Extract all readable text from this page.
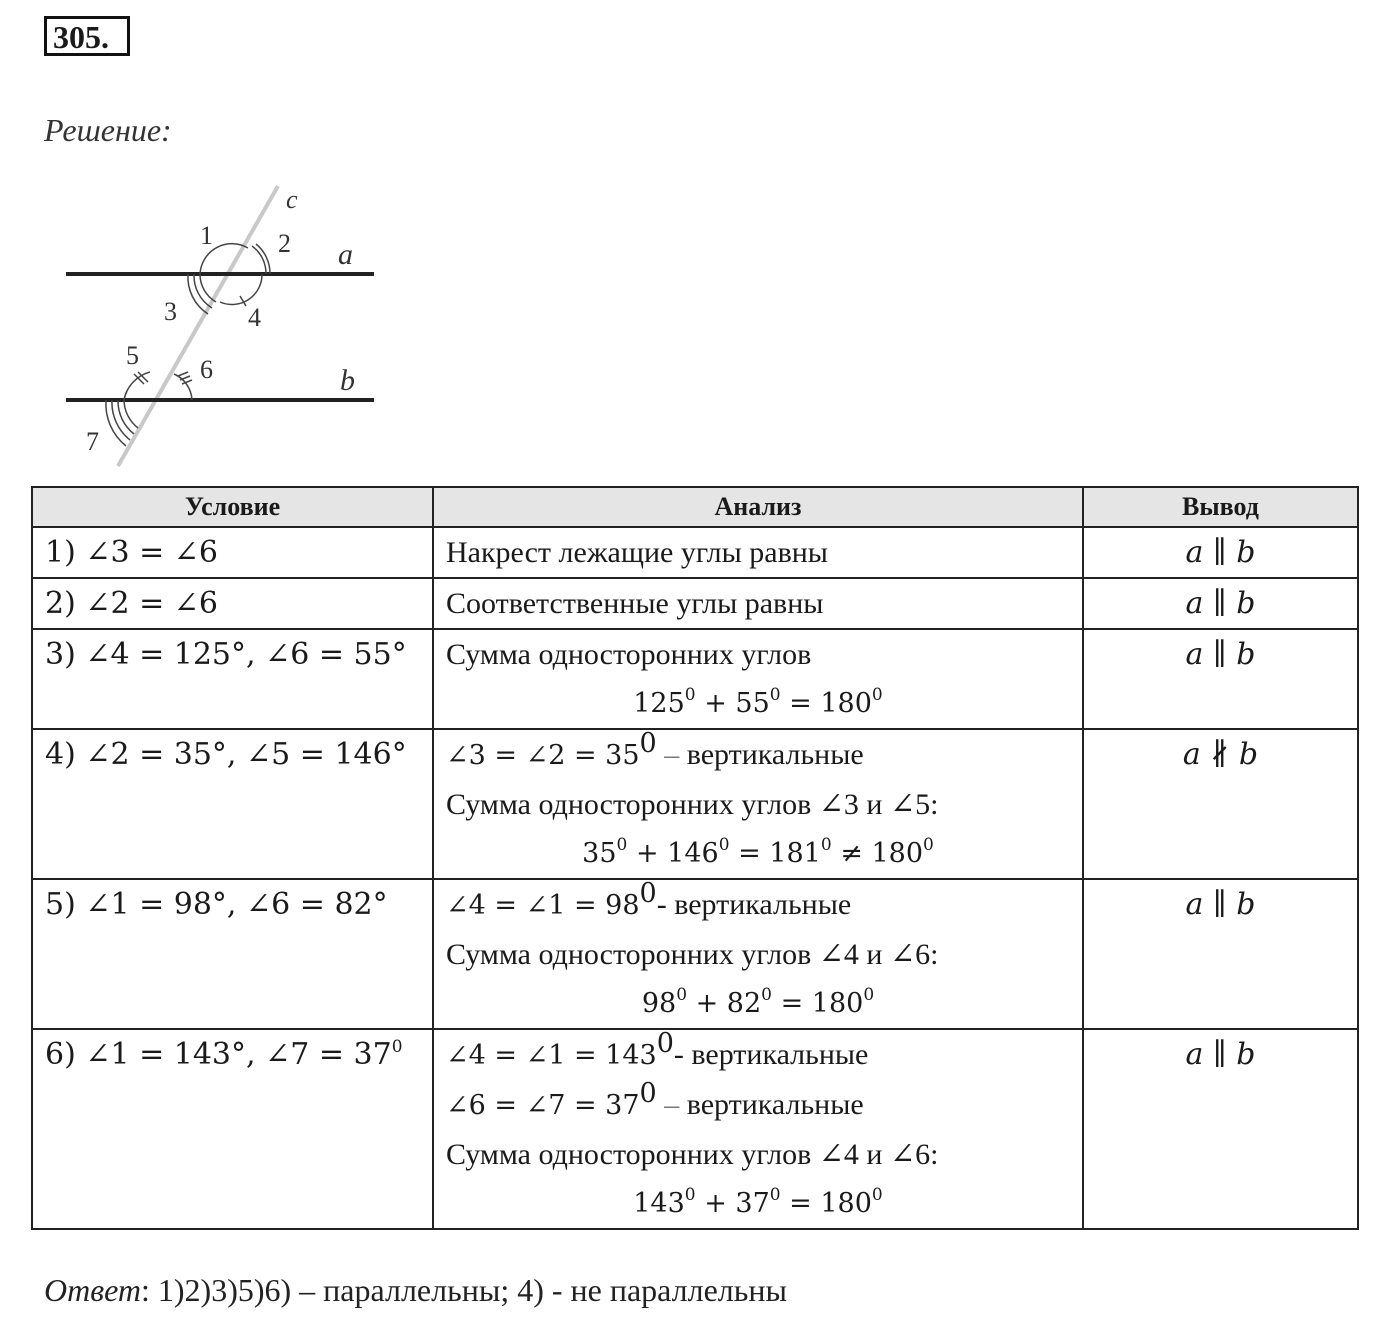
305.
Решение:
c
a
b
1	2
3	4
5 6
7
Условие	Анализ	Вывод
1) ∠3 = ∠6	Накрест лежащие углы равны	a ∥ b
2) ∠2 = ∠6	Соответственные углы равны	a ∥ b
3) ∠4 = 125°, ∠6 = 55°	Сумма односторонних углов
$125^0 + 55^0 = 180^0$	a ∥ b
4) ∠2 = 35°, ∠5 = 146°	∠3 = ∠2 = $35^0$ – вертикальные
Сумма односторонних углов ∠3 и ∠5:
$35^0 + 146^0 = 181^0 \ne 180^0$	a ∦ b
5) ∠1 = 98°, ∠6 = 82°	∠4 = ∠1 = $98^0-$ вертикальные
Сумма односторонних углов ∠4 и ∠6:
$98^0 + 82^0 = 180^0$	a ∥ b
6) ∠1 = 143°, ∠7 = $37^0$	∠4 = ∠1 = $143^0-$ вертикальные
∠6 = ∠7 = $37^0$ – вертикальные
Сумма односторонних углов ∠4 и ∠6:
$143^0 + 37^0 = 180^0$	a ∥ b
Ответ: 1)2)3)5)6) – параллельны; 4) - не параллельны
